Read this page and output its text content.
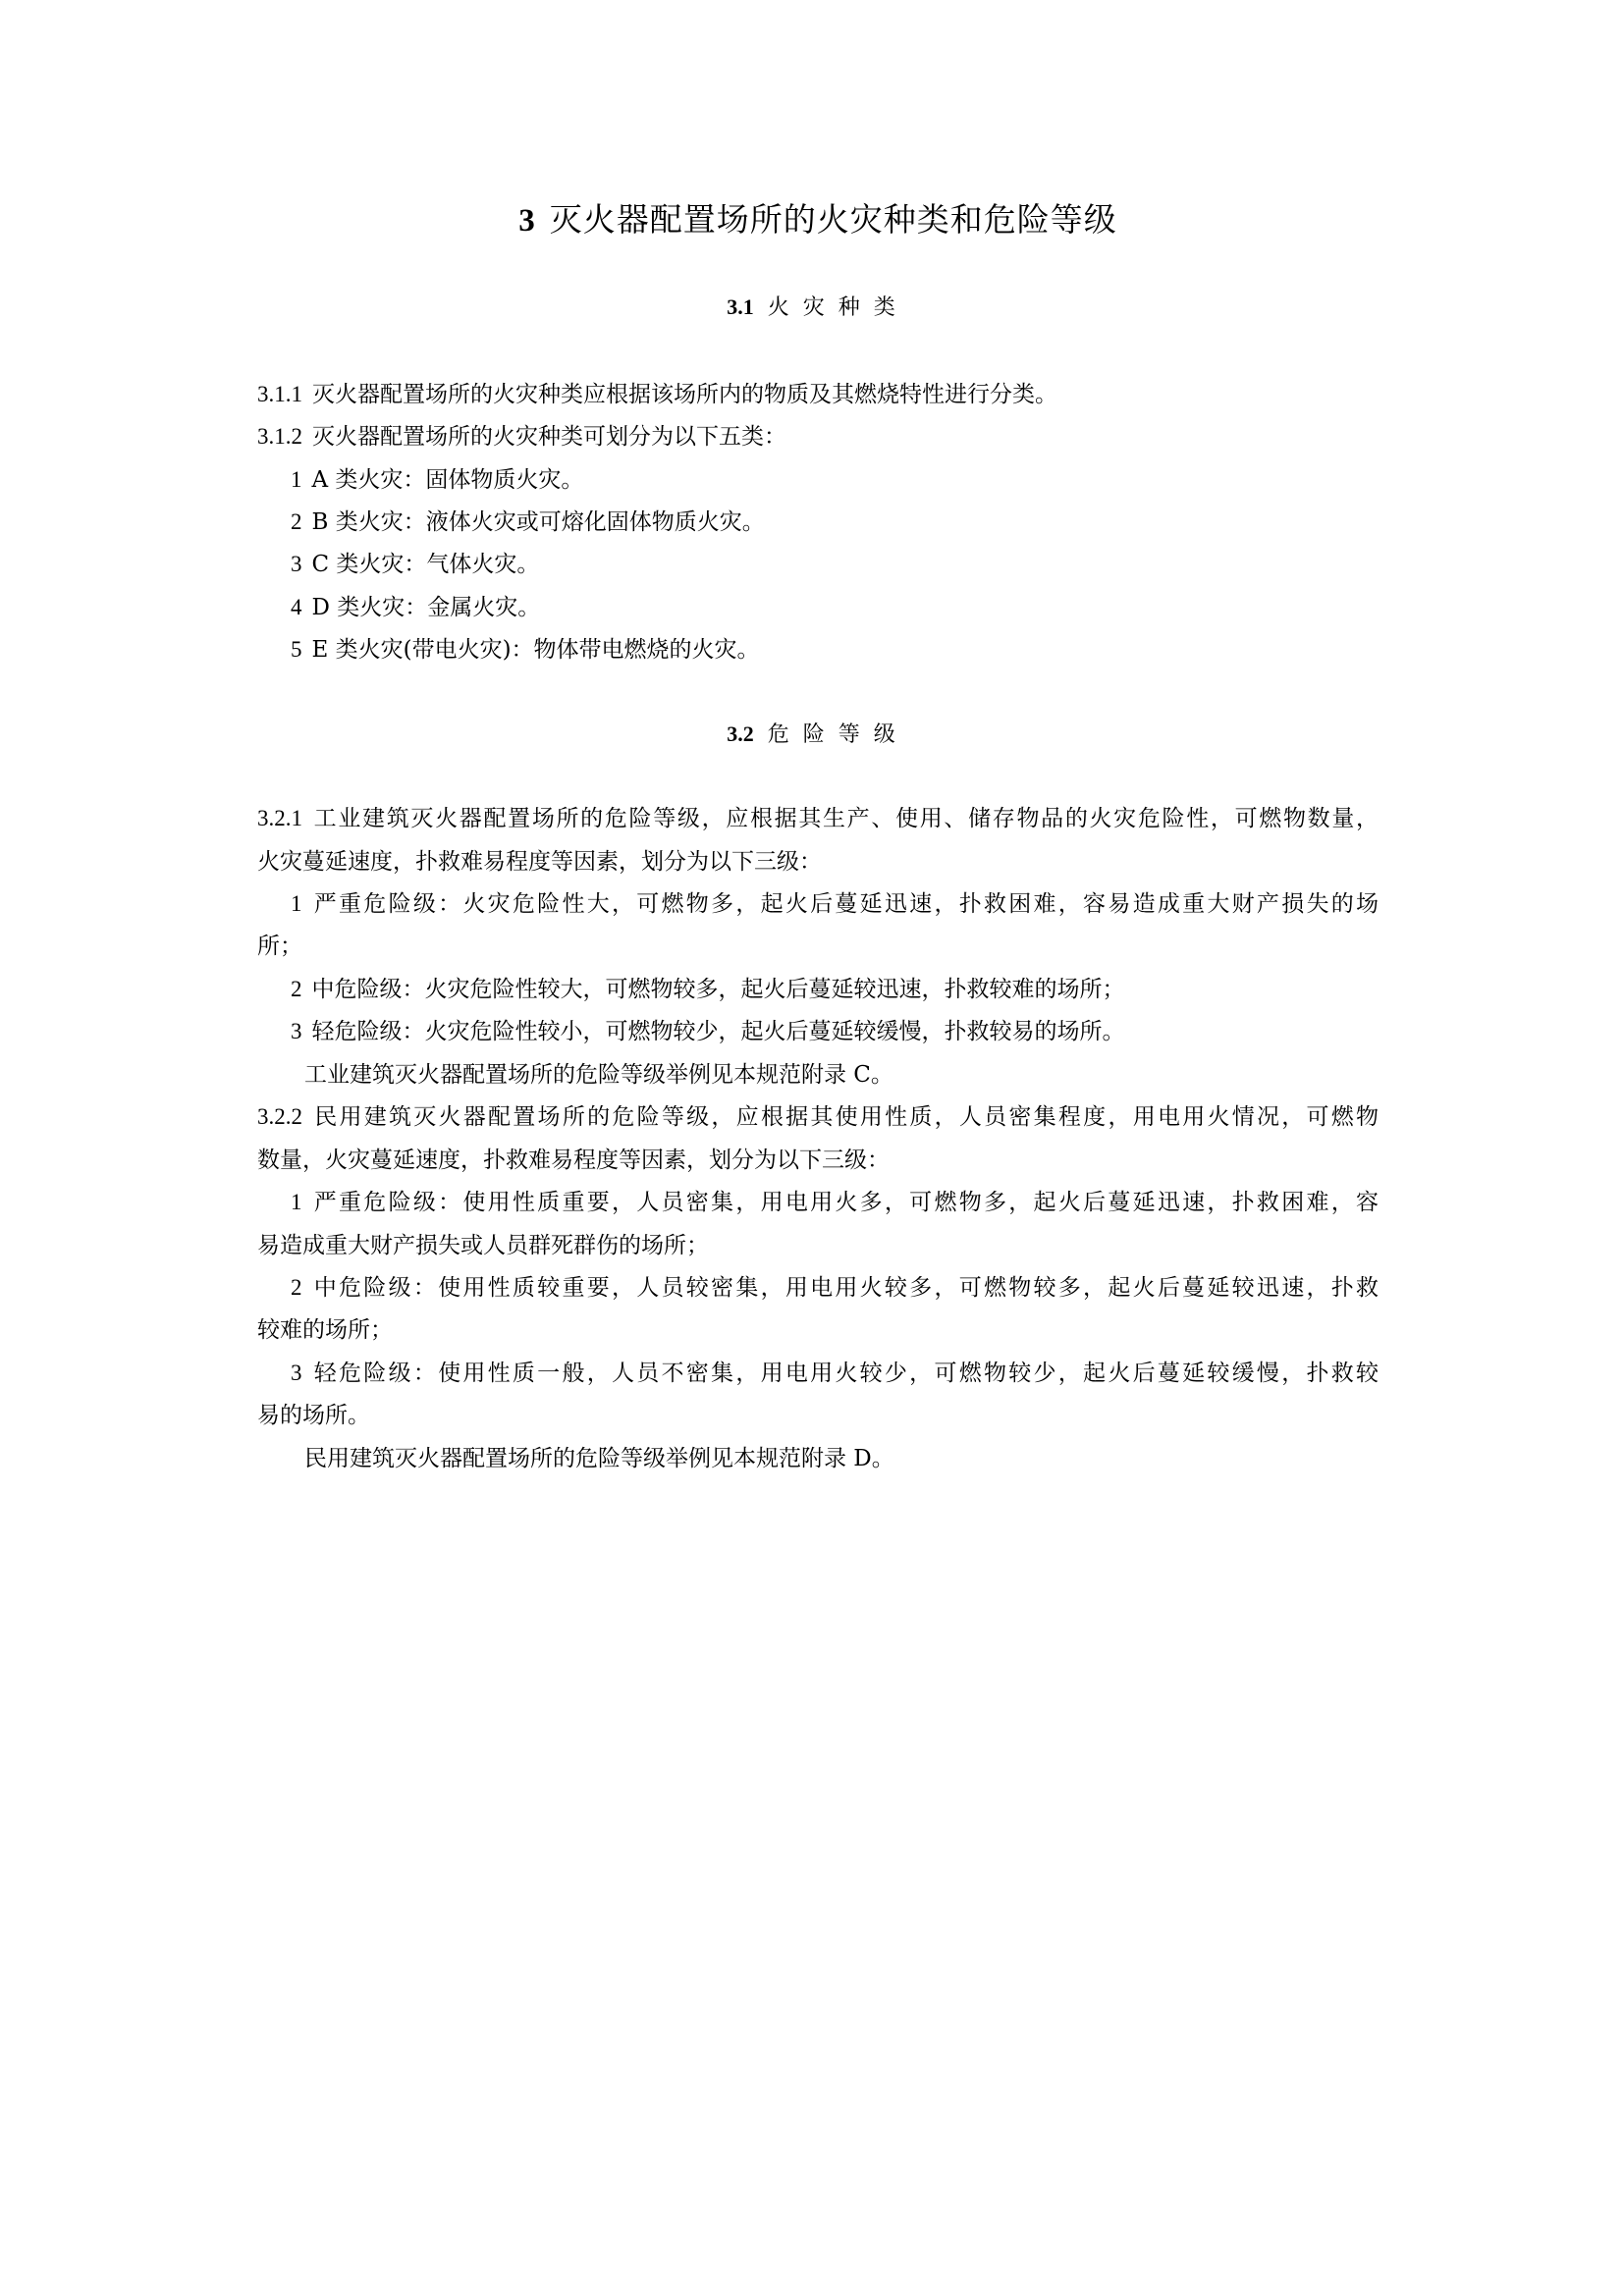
3 灭火器配置场所的火灾种类和危险等级
3.1 火灾种类
3.1.1 灭火器配置场所的火灾种类应根据该场所内的物质及其燃烧特性进行分类。
3.1.2 灭火器配置场所的火灾种类可划分为以下五类：
1 A 类火灾：固体物质火灾。
2 B 类火灾：液体火灾或可熔化固体物质火灾。
3 C 类火灾：气体火灾。
4 D 类火灾：金属火灾。
5 E 类火灾(带电火灾)：物体带电燃烧的火灾。
3.2 危险等级
3.2.1 工业建筑灭火器配置场所的危险等级，应根据其生产、使用、储存物品的火灾危险性，可燃物数量，
火灾蔓延速度，扑救难易程度等因素，划分为以下三级：
1 严重危险级：火灾危险性大，可燃物多，起火后蔓延迅速，扑救困难，容易造成重大财产损失的场
所；
2 中危险级：火灾危险性较大，可燃物较多，起火后蔓延较迅速，扑救较难的场所；
3 轻危险级：火灾危险性较小，可燃物较少，起火后蔓延较缓慢，扑救较易的场所。
工业建筑灭火器配置场所的危险等级举例见本规范附录 C。
3.2.2 民用建筑灭火器配置场所的危险等级，应根据其使用性质，人员密集程度，用电用火情况，可燃物
数量，火灾蔓延速度，扑救难易程度等因素，划分为以下三级：
1 严重危险级：使用性质重要，人员密集，用电用火多，可燃物多，起火后蔓延迅速，扑救困难，容
易造成重大财产损失或人员群死群伤的场所；
2 中危险级：使用性质较重要，人员较密集，用电用火较多，可燃物较多，起火后蔓延较迅速，扑救
较难的场所；
3 轻危险级：使用性质一般，人员不密集，用电用火较少，可燃物较少，起火后蔓延较缓慢，扑救较
易的场所。
民用建筑灭火器配置场所的危险等级举例见本规范附录 D。
